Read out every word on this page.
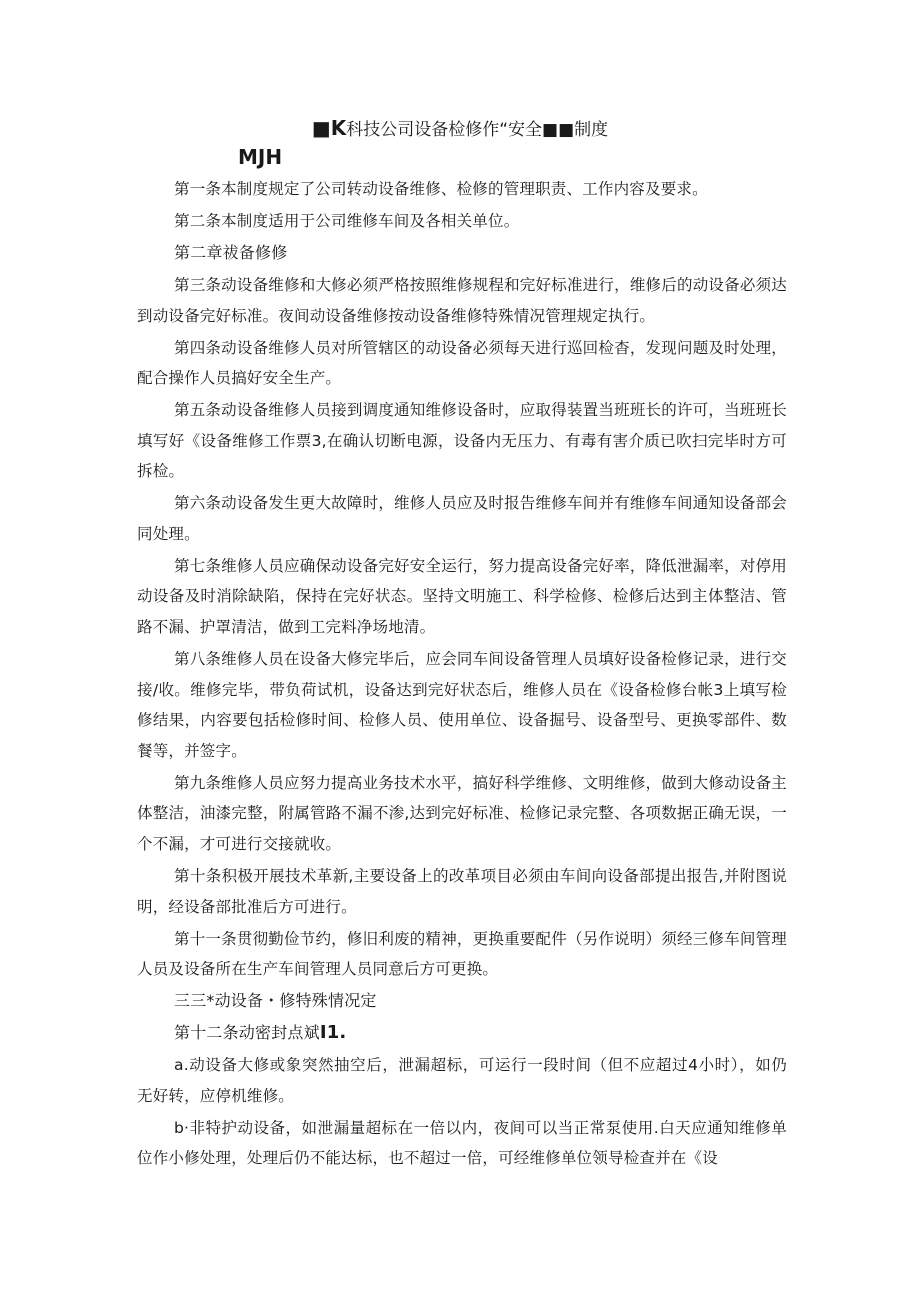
■K科技公司设备检修作“安全■■制度
MJH

第一条本制度规定了公司转动设备维修、检修的管理职责、工作内容及要求。

第二条本制度适用于公司维修车间及各相关单位。

第二章祓备修修

第三条动设备维修和大修必须严格按照维修规程和完好标准进行，维修后的动设备必须达到动设备完好标准。夜间动设备维修按动设备维修特殊情况管理规定执行。

第四条动设备维修人员对所管辖区的动设备必须每天进行巡回检杳，发现问题及时处理，配合操作人员搞好安全生产。

第五条动设备维修人员接到调度通知维修设备时，应取得装置当班班长的许可，当班班长填写好《设备维修工作票3,在确认切断电源，设备内无压力、有毒有害介质已吹扫完毕时方可拆检。

第六条动设备发生更大故障时，维修人员应及时报告维修车间并有维修车间通知设备部会同处理。

第七条维修人员应确保动设备完好安全运行，努力提高设备完好率，降低泄漏率，对停用动设备及时消除缺陷，保持在完好状态。坚持文明施工、科学检修、检修后达到主体整洁、管路不漏、护罩清洁，做到工完料净场地清。

第八条维修人员在设备大修完毕后，应会同车间设备管理人员填好设备检修记录，进行交接/收。维修完毕，带负荷试机，设备达到完好状态后，维修人员在《设备检修台帐3上填写检修结果，内容要包括检修时间、检修人员、使用单位、设备掘号、设备型号、更换零部件、数餐等，并签字。

第九条维修人员应努力提高业务技术水平，搞好科学维修、文明维修，做到大修动设备主体整洁，油漆完整，附属管路不漏不渗,达到完好标准、检修记录完整、各项数据正确无误，一个不漏，才可进行交接就收。

第十条积极开展技术革新,主要设备上的改革项目必须由车间向设备部提出报告,并附图说明，经设备部批准后方可进行。

第十一条贯彻勤俭节约，修旧利废的精神，更换重要配件（另作说明）须经三修车间管理人员及设备所在生产车间管理人员同意后方可更换。

三三*动设备・修特殊情况定

第十二条动密封点斌I1.

a.动设备大修或象突然抽空后，泄漏超标，可运行一段时间（但不应超过4小时），如仍无好转，应停机维修。

b·非特护动设备，如泄漏量超标在一倍以内，夜间可以当正常泵使用.白天应通知维修单位作小修处理，处理后仍不能达标，也不超过一倍，可经维修单位领导检查并在《设
